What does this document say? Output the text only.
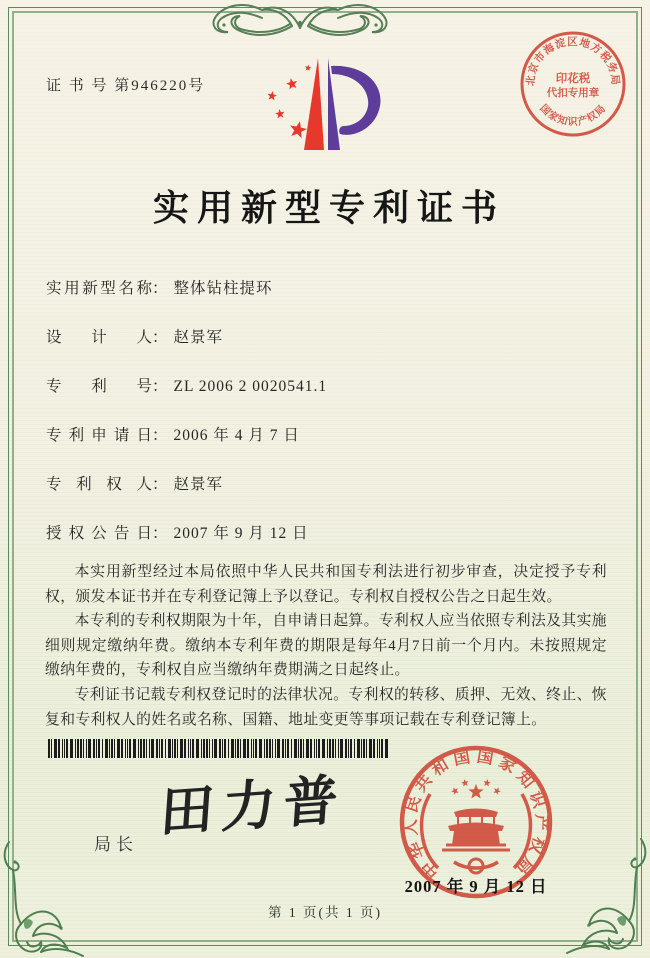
证 书 号 第946220号	北京市海淀区地方税务局
国家知识产权局
印花税
代扣专用章
实用新型专利证书
实用新型名称 ： 整体钻柱提环
设计人 ： 赵景军
专利号 ： ZL 2006 2 0020541.1
专利申请日 ： 2006 年 4 月 7 日
专利权人 ： 赵景军
授权公告日 ： 2007 年 9 月 12 日

本实用新型经过本局依照中华人民共和国专利法进行初步审查，决定授予专利权，颁发本证书并在专利登记簿上予以登记。专利权自授权公告之日起生效。

本专利的专利权期限为十年，自申请日起算。专利权人应当依照专利法及其实施细则规定缴纳年费。缴纳本专利年费的期限是每年4月7日前一个月内。未按照规定缴纳年费的，专利权自应当缴纳年费期满之日起终止。

专利证书记载专利权登记时的法律状况。专利权的转移、质押、无效、终止、恢复和专利权人的姓名或名称、国籍、地址变更等事项记载在专利登记簿上。

局长
田力普
中华人民共和国国家知识产权局
2007 年 9 月 12 日
第 1 页(共 1 页)
